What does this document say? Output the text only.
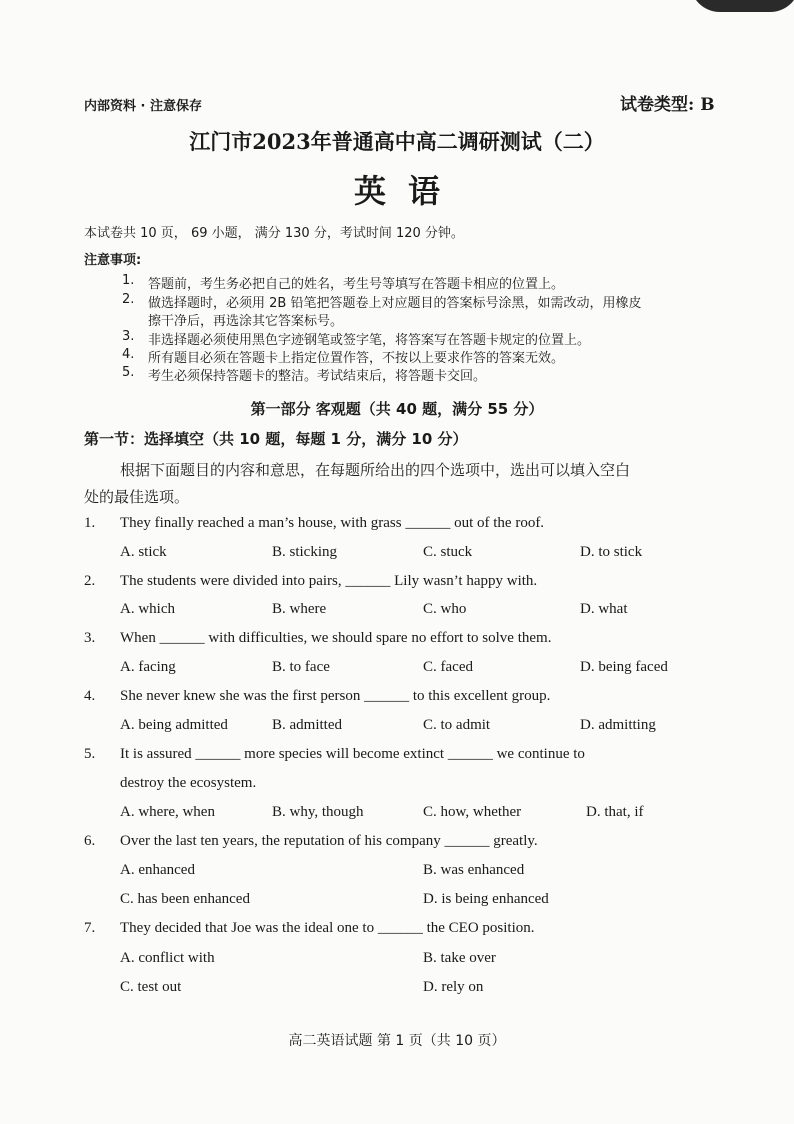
内部资料 · 注意保存	试卷类型: B
江门市2023年普通高中高二调研测试（二）
英语
本试卷共 10 页， 69 小题， 满分 130 分，考试时间 120 分钟。
注意事项:
1. 答题前，考生务必把自己的姓名，考生号等填写在答题卡相应的位置上。
2. 做选择题时，必须用 2B 铅笔把答题卷上对应题目的答案标号涂黑，如需改动，用橡皮
擦干净后，再选涂其它答案标号。
3. 非选择题必须使用黑色字迹钢笔或签字笔，将答案写在答题卡规定的位置上。
4. 所有题目必须在答题卡上指定位置作答，不按以上要求作答的答案无效。
5. 考生必须保持答题卡的整洁。考试结束后，将答题卡交回。
第一部分 客观题（共 40 题，满分 55 分）
第一节：选择填空（共 10 题，每题 1 分，满分 10 分）
根据下面题目的内容和意思，在每题所给出的四个选项中，选出可以填入空白
处的最佳选项。
1. They finally reached a man’s house, with grass ______ out of the roof.
A. stick	B. sticking	C. stuck	D. to stick
2. The students were divided into pairs, ______ Lily wasn’t happy with.
A. which	B. where	C. who	D. what
3. When ______ with difficulties, we should spare no effort to solve them.
A. facing	B. to face	C. faced	D. being faced
4. She never knew she was the first person ______ to this excellent group.
A. being admitted	B. admitted	C. to admit	D. admitting
5. It is assured ______ more species will become extinct ______ we continue to
destroy the ecosystem.
A. where, when	B. why, though	C. how, whether	D. that, if
6. Over the last ten years, the reputation of his company ______ greatly.
A. enhanced	B. was enhanced
C. has been enhanced	D. is being enhanced
7. They decided that Joe was the ideal one to ______ the CEO position.
A. conflict with	B. take over
C. test out	D. rely on
高二英语试题 第 1 页（共 10 页）
